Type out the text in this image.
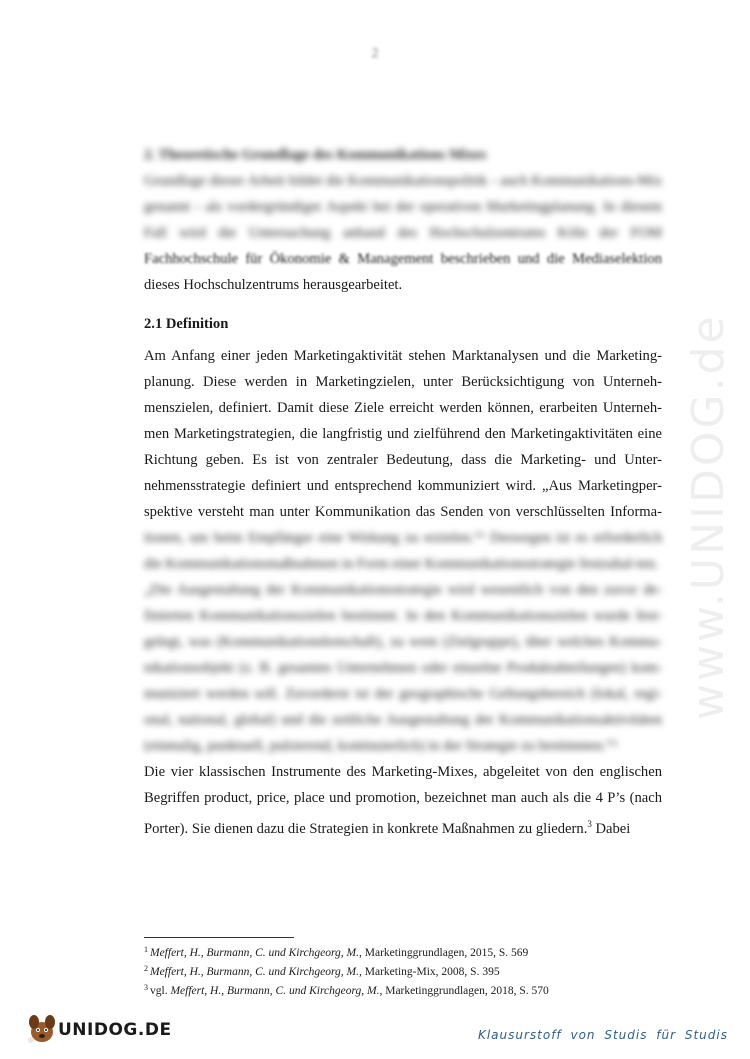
2
2. Theoretische Grundlage des Kommunikations Mixes

Grundlage dieser Arbeit bildet die Kommunikationspolitik - auch Kommunikations-Mix genannt - als vordergründiger Aspekt bei der operativen Marketingplanung. In diesem Fall wird die Untersuchung anhand des Hochschulzentrums Köln der FOM Fachhochschule für Ökonomie & Management beschrieben und die Mediaselektion dieses Hochschulzentrums herausgearbeitet.

2.1 Definition

Am Anfang einer jeden Marketingaktivität stehen Marktanalysen und die Marketing-planung. Diese werden in Marketingzielen, unter Berücksichtigung von Unterneh-menszielen, definiert. Damit diese Ziele erreicht werden können, erarbeiten Unterneh-men Marketingstrategien, die langfristig und zielführend den Marketingaktivitäten eine Richtung geben. Es ist von zentraler Bedeutung, dass die Marketing- und Unter-nehmensstrategie definiert und entsprechend kommuniziert wird. „Aus Marketingper-spektive versteht man unter Kommunikation das Senden von verschlüsselten Informa- tionen, um beim Empfänger eine Wirkung zu erzielen.“¹ Deswegen ist es erforderlich die Kommunikationsmaßnahmen in Form einer Kommunikationsstrategie festzuhal-ten.

„Die Ausgestaltung der Kommunikationsstrategie wird wesentlich von den zuvor de-finierten Kommunikationszielen bestimmt. In den Kommunikationszielen wurde fest-gelegt, was (Kommunikationsbotschaft), zu wem (Zielgruppe), über welches Kommu-nikationsobjekt (z. B. gesamtes Unternehmen oder einzelne Produktabteilungen) kom-muniziert werden soll. Zuvorderst ist der geographische Geltungsbereich (lokal, regi-onal, national, global) und die zeitliche Ausgestaltung der Kommunikationsaktivitäten (einmalig, punktuell, pulsierend, kontinuierlich) in der Strategie zu bestimmen.“²

Die vier klassischen Instrumente des Marketing-Mixes, abgeleitet von den englischen Begriffen product, price, place und promotion, bezeichnet man auch als die 4 P’s (nach Porter). Sie dienen dazu die Strategien in konkrete Maßnahmen zu gliedern.$^3$ Dabei

$^1$ Meffert, H., Burmann, C. und Kirchgeorg, M., Marketinggrundlagen, 2015, S. 569
$^2$ Meffert, H., Burmann, C. und Kirchgeorg, M., Marketing-Mix, 2008, S. 395
$^3$ vgl. Meffert, H., Burmann, C. und Kirchgeorg, M., Marketinggrundlagen, 2018, S. 570
www.UNIDOG.de
UNIDOG.DE	Klausurstoff von Studis für Studis
